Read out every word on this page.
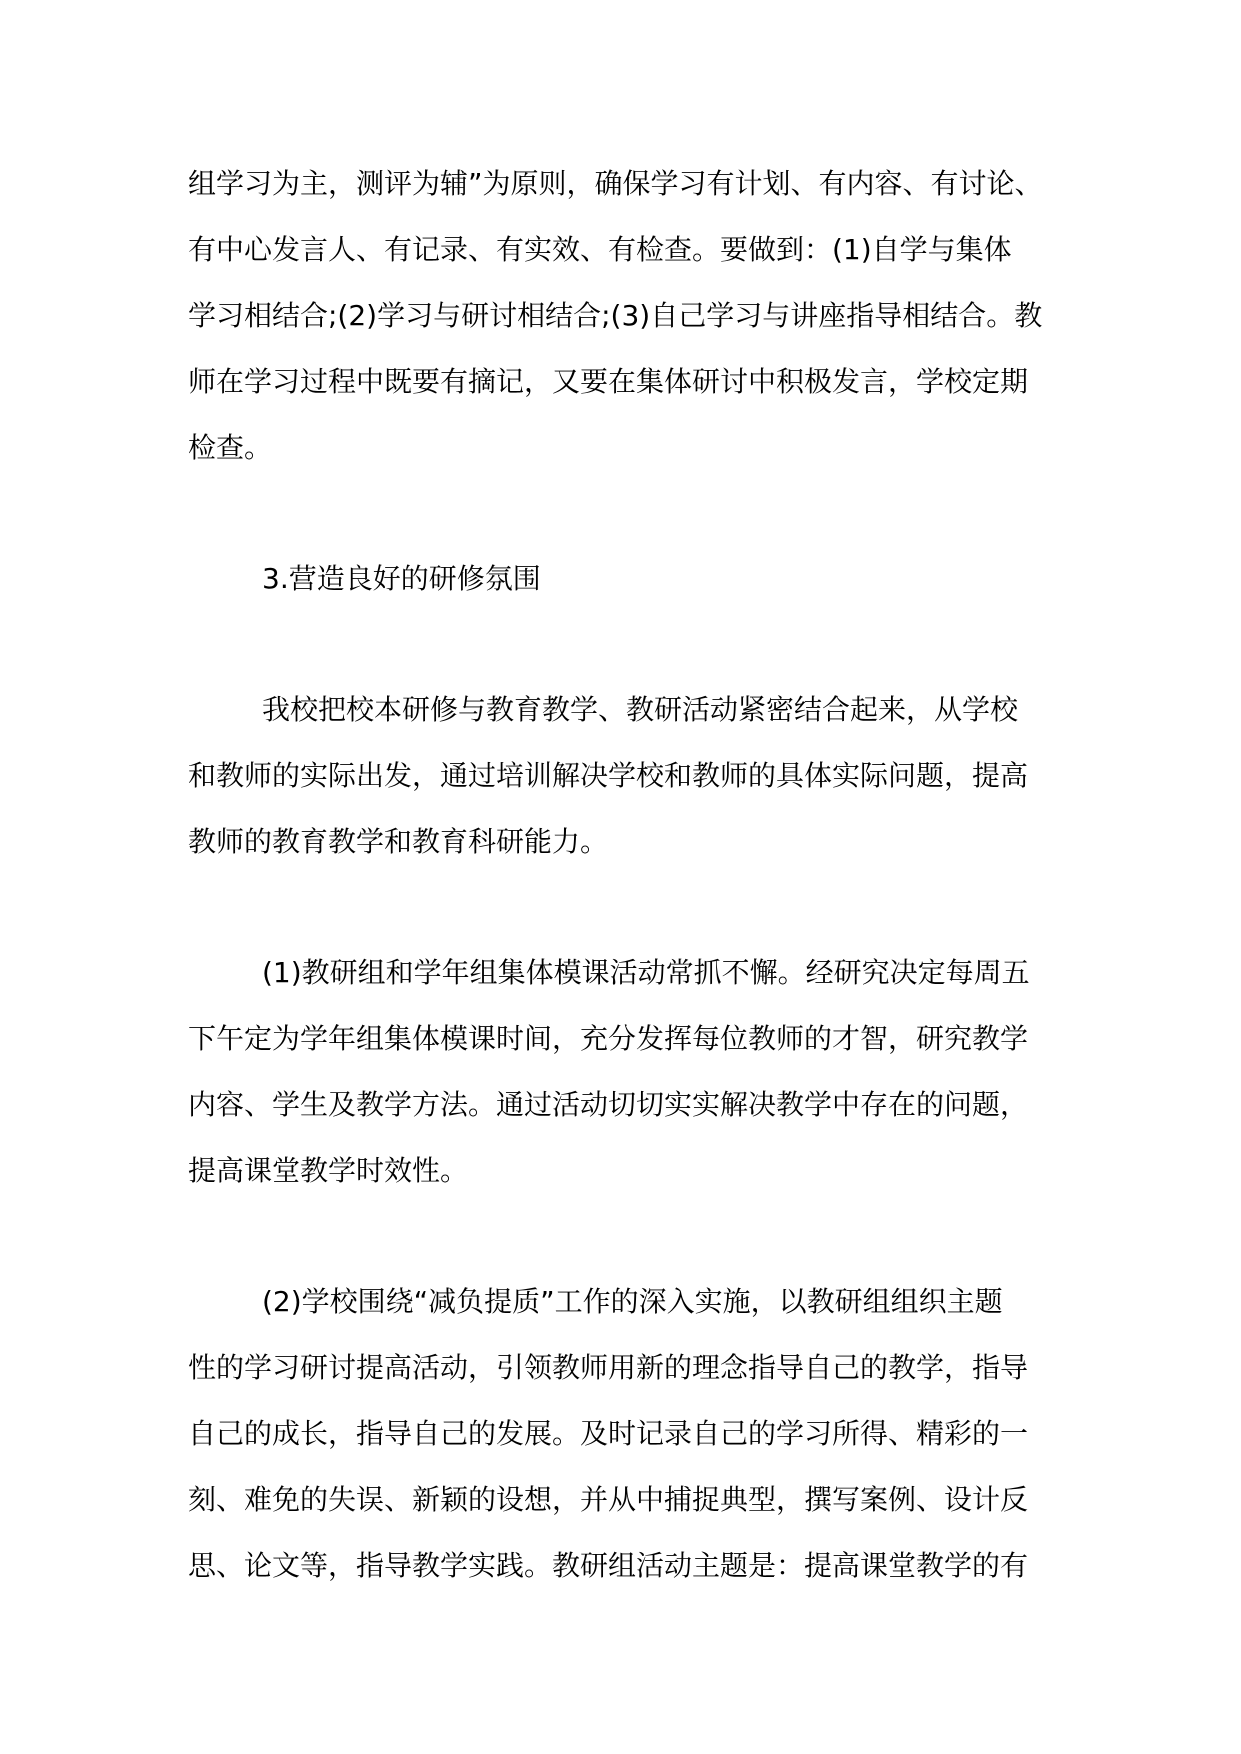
组学习为主，测评为辅”为原则，确保学习有计划、有内容、有讨论、
有中心发言人、有记录、有实效、有检查。要做到：(1)自学与集体
学习相结合;(2)学习与研讨相结合;(3)自己学习与讲座指导相结合。教
师在学习过程中既要有摘记，又要在集体研讨中积极发言，学校定期
检查。
3.营造良好的研修氛围
我校把校本研修与教育教学、教研活动紧密结合起来，从学校
和教师的实际出发，通过培训解决学校和教师的具体实际问题，提高
教师的教育教学和教育科研能力。
(1)教研组和学年组集体模课活动常抓不懈。经研究决定每周五
下午定为学年组集体模课时间，充分发挥每位教师的才智，研究教学
内容、学生及教学方法。通过活动切切实实解决教学中存在的问题，
提高课堂教学时效性。
(2)学校围绕“减负提质”工作的深入实施，以教研组组织主题
性的学习研讨提高活动，引领教师用新的理念指导自己的教学，指导
自己的成长，指导自己的发展。及时记录自己的学习所得、精彩的一
刻、难免的失误、新颖的设想，并从中捕捉典型，撰写案例、设计反
思、论文等，指导教学实践。教研组活动主题是：提高课堂教学的有
